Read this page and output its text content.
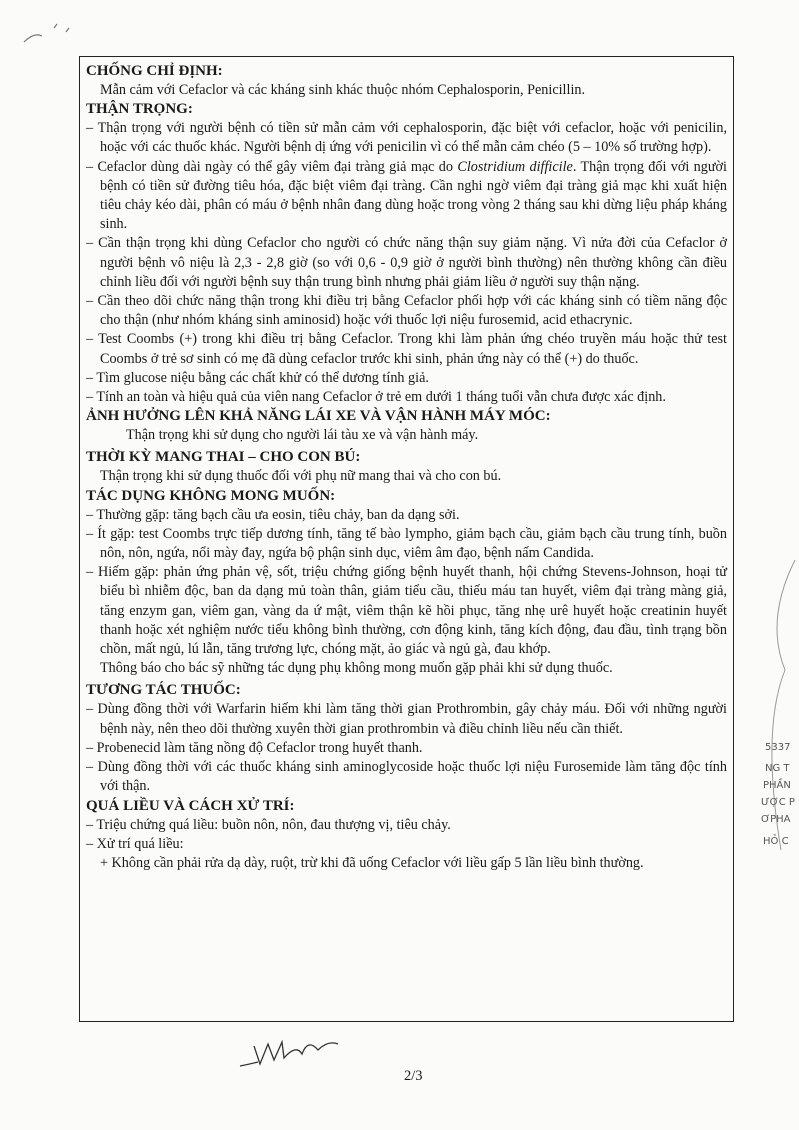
CHỐNG CHỈ ĐỊNH:

Mẫn cảm với Cefaclor và các kháng sinh khác thuộc nhóm Cephalosporin, Penicillin.

THẬN TRỌNG:
– Thận trọng với người bệnh có tiền sử mẫn cảm với cephalosporin, đặc biệt với cefaclor, hoặc với penicilin, hoặc với các thuốc khác. Người bệnh dị ứng với penicilin vì có thể mẫn cảm chéo (5 – 10% số trường hợp).
– Cefaclor dùng dài ngày có thể gây viêm đại tràng giả mạc do Clostridium difficile. Thận trọng đối với người bệnh có tiền sử đường tiêu hóa, đặc biệt viêm đại tràng. Cần nghi ngờ viêm đại tràng giả mạc khi xuất hiện tiêu chảy kéo dài, phân có máu ở bệnh nhân đang dùng hoặc trong vòng 2 tháng sau khi dừng liệu pháp kháng sinh.
– Cần thận trọng khi dùng Cefaclor cho người có chức năng thận suy giảm nặng. Vì nửa đời của Cefaclor ở người bệnh vô niệu là 2,3 - 2,8 giờ (so với 0,6 - 0,9 giờ ở người bình thường) nên thường không cần điều chỉnh liều đối với người bệnh suy thận trung bình nhưng phải giảm liều ở người suy thận nặng.
– Cần theo dõi chức năng thận trong khi điều trị bằng Cefaclor phối hợp với các kháng sinh có tiềm năng độc cho thận (như nhóm kháng sinh aminosid) hoặc với thuốc lợi niệu furosemid, acid ethacrynic.
– Test Coombs (+) trong khi điều trị bằng Cefaclor. Trong khi làm phản ứng chéo truyền máu hoặc thử test Coombs ở trẻ sơ sinh có mẹ đã dùng cefaclor trước khi sinh, phản ứng này có thể (+) do thuốc.
– Tìm glucose niệu bằng các chất khử có thể dương tính giả.
– Tính an toàn và hiệu quả của viên nang Cefaclor ở trẻ em dưới 1 tháng tuổi vẫn chưa được xác định.
ẢNH HƯỞNG LÊN KHẢ NĂNG LÁI XE VÀ VẬN HÀNH MÁY MÓC:

Thận trọng khi sử dụng cho người lái tàu xe và vận hành máy.

THỜI KỲ MANG THAI – CHO CON BÚ:

Thận trọng khi sử dụng thuốc đối với phụ nữ mang thai và cho con bú.

TÁC DỤNG KHÔNG MONG MUỐN:
– Thường gặp: tăng bạch cầu ưa eosin, tiêu chảy, ban da dạng sởi.
– Ít gặp: test Coombs trực tiếp dương tính, tăng tế bào lympho, giảm bạch cầu, giảm bạch cầu trung tính, buồn nôn, nôn, ngứa, nổi mày đay, ngứa bộ phận sinh dục, viêm âm đạo, bệnh nấm Candida.
– Hiếm gặp: phản ứng phản vệ, sốt, triệu chứng giống bệnh huyết thanh, hội chứng Stevens-Johnson, hoại tử biểu bì nhiễm độc, ban da dạng mủ toàn thân, giảm tiểu cầu, thiếu máu tan huyết, viêm đại tràng màng giả, tăng enzym gan, viêm gan, vàng da ứ mật, viêm thận kẽ hồi phục, tăng nhẹ urê huyết hoặc creatinin huyết thanh hoặc xét nghiệm nước tiểu không bình thường, cơn động kinh, tăng kích động, đau đầu, tình trạng bồn chồn, mất ngủ, lú lẫn, tăng trương lực, chóng mặt, ảo giác và ngủ gà, đau khớp.

Thông báo cho bác sỹ những tác dụng phụ không mong muốn gặp phải khi sử dụng thuốc.

TƯƠNG TÁC THUỐC:
– Dùng đồng thời với Warfarin hiếm khi làm tăng thời gian Prothrombin, gây chảy máu. Đối với những người bệnh này, nên theo dõi thường xuyên thời gian prothrombin và điều chỉnh liều nếu cần thiết.
– Probenecid làm tăng nồng độ Cefaclor trong huyết thanh.
– Dùng đồng thời với các thuốc kháng sinh aminoglycoside hoặc thuốc lợi niệu Furosemide làm tăng độc tính với thận.
QUÁ LIỀU VÀ CÁCH XỬ TRÍ:
– Triệu chứng quá liều: buồn nôn, nôn, đau thượng vị, tiêu chảy.
– Xử trí quá liều:
+ Không cần phải rửa dạ dày, ruột, trừ khi đã uống Cefaclor với liều gấp 5 lần liều bình thường.
2/3
5337
NG T
PHẦN
ƯỢC P
ƠPHA
HỎ C
